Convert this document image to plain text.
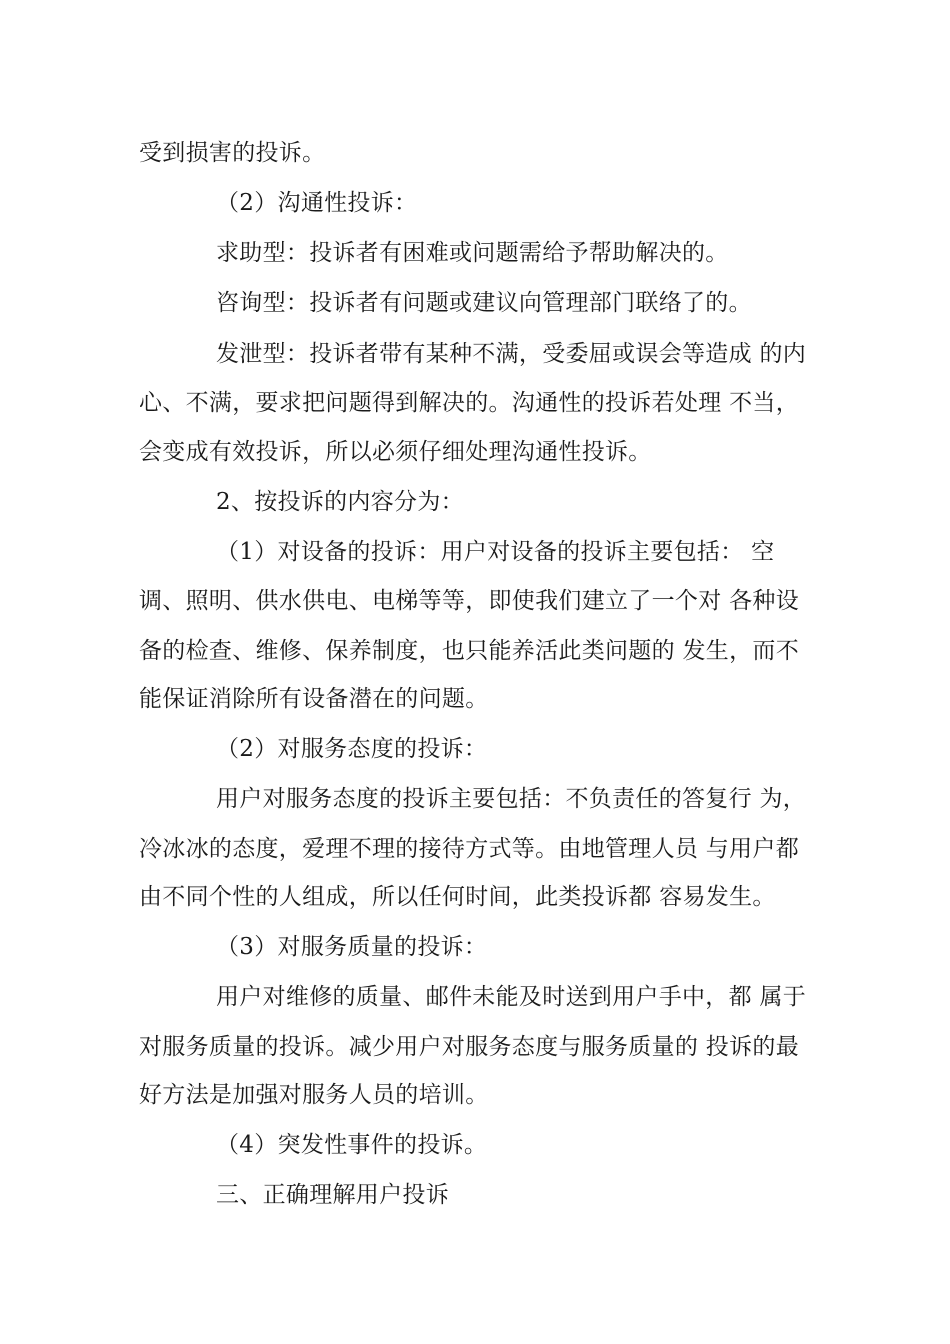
受到损害的投诉。
（2）沟通性投诉：
求助型：投诉者有困难或问题需给予帮助解决的。
咨询型：投诉者有问题或建议向管理部门联络了的。
发泄型：投诉者带有某种不满，受委屈或误会等造成 的内
心、不满，要求把问题得到解决的。沟通性的投诉若处理 不当，
会变成有效投诉，所以必须仔细处理沟通性投诉。
2、按投诉的内容分为：
（1）对设备的投诉：用户对设备的投诉主要包括： 空
调、照明、供水供电、电梯等等，即使我们建立了一个对 各种设
备的检查、维修、保养制度，也只能养活此类问题的 发生，而不
能保证消除所有设备潜在的问题。
（2）对服务态度的投诉：
用户对服务态度的投诉主要包括：不负责任的答复行 为，
冷冰冰的态度，爱理不理的接待方式等。由地管理人员 与用户都
由不同个性的人组成，所以任何时间，此类投诉都 容易发生。
（3）对服务质量的投诉：
用户对维修的质量、邮件未能及时送到用户手中，都 属于
对服务质量的投诉。减少用户对服务态度与服务质量的 投诉的最
好方法是加强对服务人员的培训。
（4）突发性事件的投诉。
三、正确理解用户投诉
